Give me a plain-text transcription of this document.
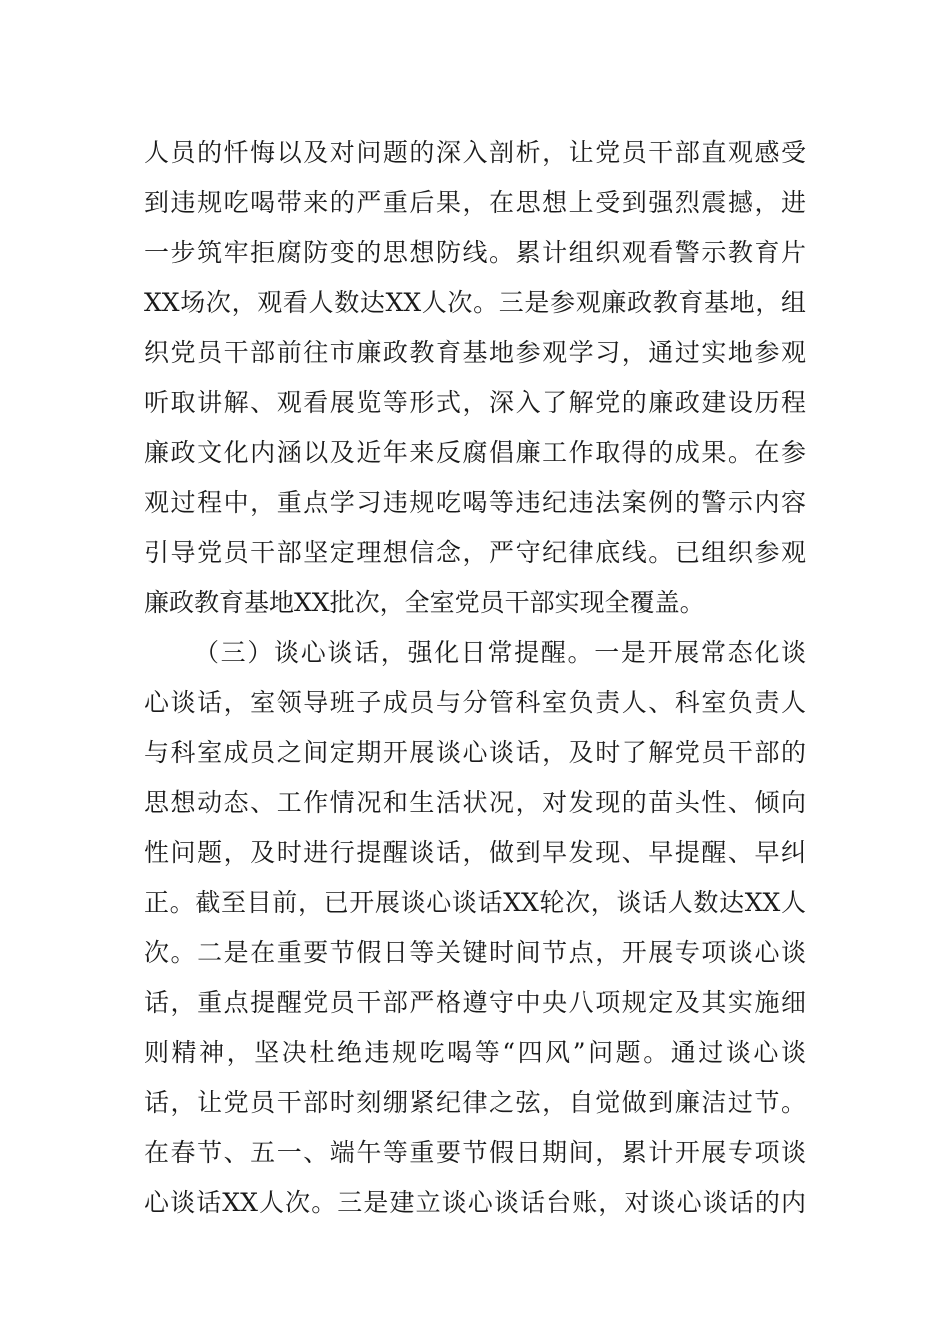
人员的忏悔以及对问题的深入剖析，让党员干部直观感受
到违规吃喝带来的严重后果，在思想上受到强烈震撼，进
一步筑牢拒腐防变的思想防线。累计组织观看警示教育片
XX场次，观看人数达XX人次。三是参观廉政教育基地，组
织党员干部前往市廉政教育基地参观学习，通过实地参观
听取讲解、观看展览等形式，深入了解党的廉政建设历程
廉政文化内涵以及近年来反腐倡廉工作取得的成果。在参
观过程中，重点学习违规吃喝等违纪违法案例的警示内容
引导党员干部坚定理想信念，严守纪律底线。已组织参观
廉政教育基地XX批次，全室党员干部实现全覆盖。
（三）谈心谈话，强化日常提醒。一是开展常态化谈
心谈话，室领导班子成员与分管科室负责人、科室负责人
与科室成员之间定期开展谈心谈话，及时了解党员干部的
思想动态、工作情况和生活状况，对发现的苗头性、倾向
性问题，及时进行提醒谈话，做到早发现、早提醒、早纠
正。截至目前，已开展谈心谈话XX轮次，谈话人数达XX人
次。二是在重要节假日等关键时间节点，开展专项谈心谈
话，重点提醒党员干部严格遵守中央八项规定及其实施细
则精神，坚决杜绝违规吃喝等“四风”问题。通过谈心谈
话，让党员干部时刻绷紧纪律之弦，自觉做到廉洁过节。
在春节、五一、端午等重要节假日期间，累计开展专项谈
心谈话XX人次。三是建立谈心谈话台账，对谈心谈话的内
